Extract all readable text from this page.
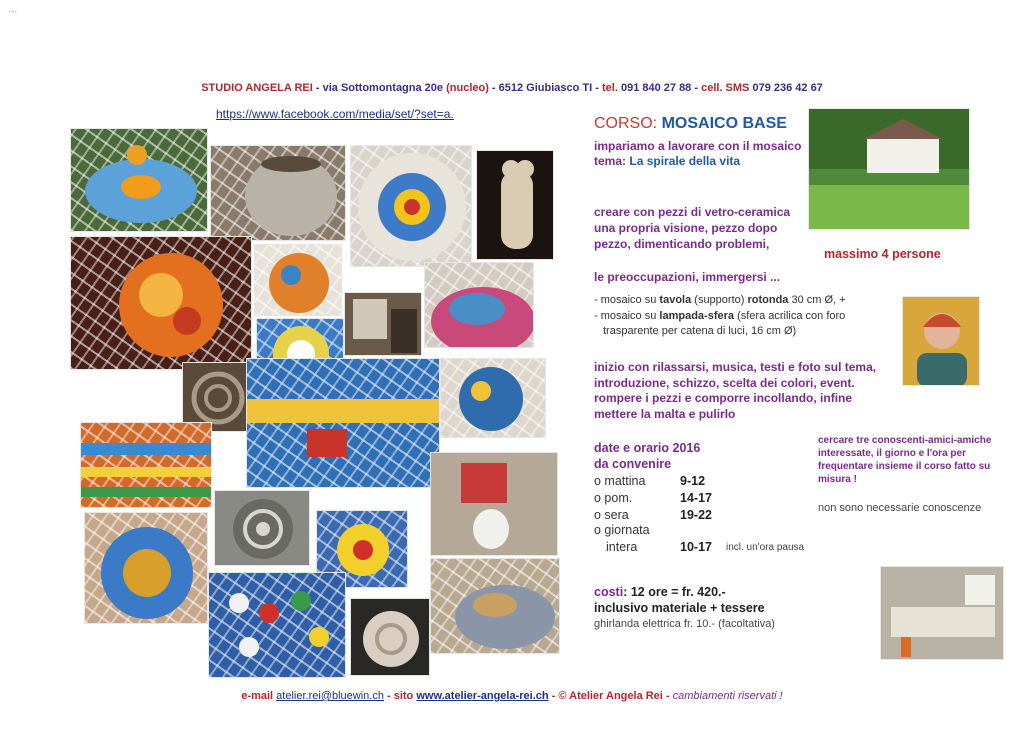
·◦·
STUDIO ANGELA REI - via Sottomontagna 20e (nucleo) - 6512 Giubiasco TI - tel. 091 840 27 88 - cell. SMS 079 236 42 67
https://www.facebook.com/media/set/?set=a.
CORSO: MOSAICO BASE
impariamo a lavorare con il mosaico
tema: La spirale della vita
creare con pezzi di vetro-ceramica una propria visione, pezzo dopo pezzo, dimenticando problemi,
le preoccupazioni, immergersi ...
massimo 4 persone
- mosaico su tavola (supporto) rotonda 30 cm Ø, +
- mosaico su lampada-sfera (sfera acrilica con foro
trasparente per catena di luci, 16 cm Ø)
inizio con rilassarsi, musica, testi e foto sul tema, introduzione, schizzo, scelta dei colori, event. rompere i pezzi e comporre incollando, infine mettere la malta e pulirlo
date e orario 2016
da convenire
o mattina	9-12
o pom.	14-17
o sera	19-22
o giornata
intera	10-17 incl. un'ora pausa
cercare tre conoscenti-amici-amiche interessate, il giorno e l'ora per frequentare insieme il corso fatto su misura !
non sono necessarie conoscenze
costi: 12 ore = fr. 420.-
inclusivo materiale + tessere
ghirlanda elettrica fr. 10.- (facoltativa)
e-mail atelier.rei@bluewin.ch - sito www.atelier-angela-rei.ch - © Atelier Angela Rei - cambiamenti riservati !
